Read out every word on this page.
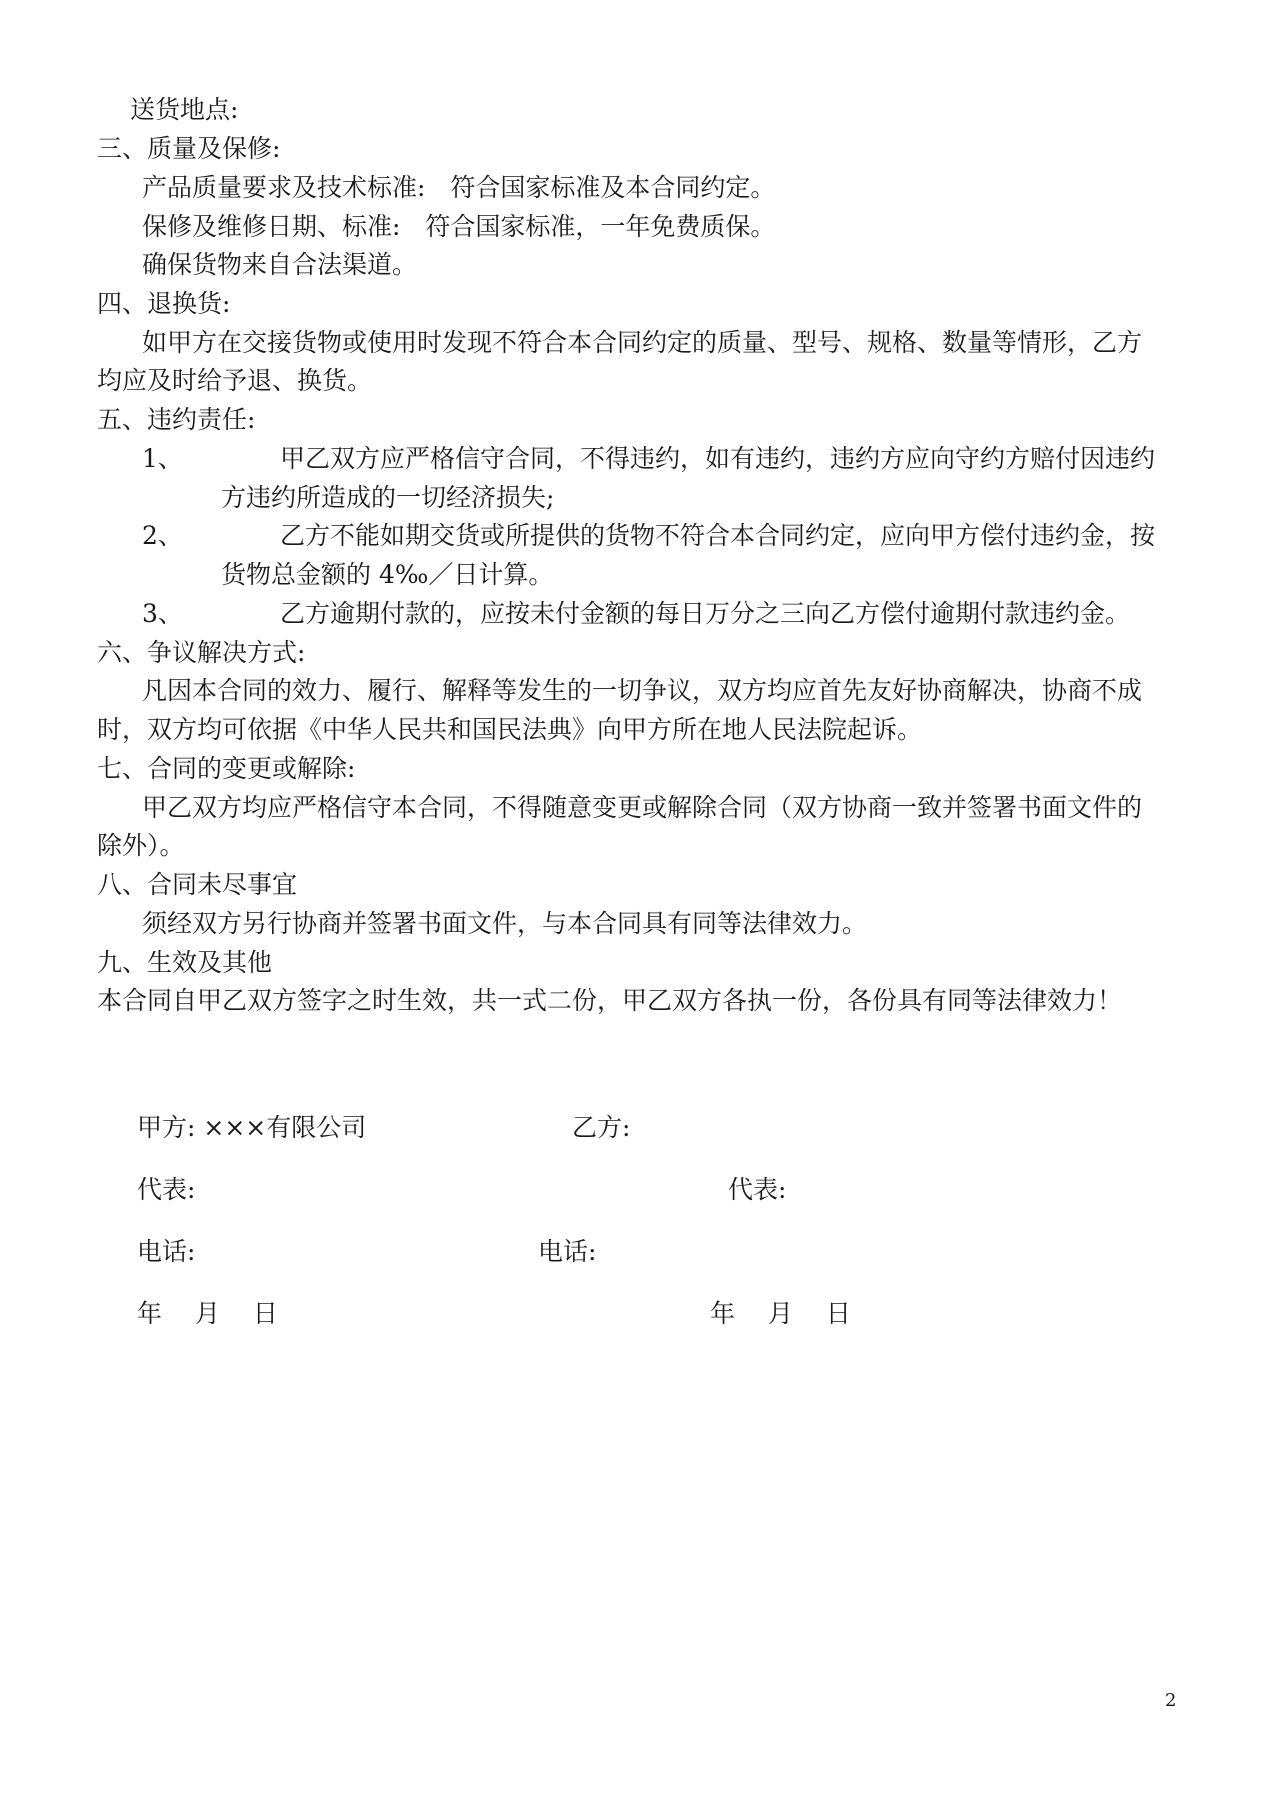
送货地点:
三、质量及保修:
产品质量要求及技术标准:　符合国家标准及本合同约定。
保修及维修日期、标准:　符合国家标准，一年免费质保。
确保货物来自合法渠道。
四、退换货:
如甲方在交接货物或使用时发现不符合本合同约定的质量、型号、规格、数量等情形，乙方
均应及时给予退、换货。
五、违约责任:
1、	甲乙双方应严格信守合同，不得违约，如有违约，违约方应向守约方赔付因违约
方违约所造成的一切经济损失;
2、	乙方不能如期交货或所提供的货物不符合本合同约定，应向甲方偿付违约金，按
货物总金额的 4‰／日计算。
3、	乙方逾期付款的，应按未付金额的每日万分之三向乙方偿付逾期付款违约金。
六、争议解决方式:
凡因本合同的效力、履行、解释等发生的一切争议，双方均应首先友好协商解决，协商不成
时，双方均可依据《中华人民共和国民法典》向甲方所在地人民法院起诉。
七、合同的变更或解除:
甲乙双方均应严格信守本合同，不得随意变更或解除合同（双方协商一致并签署书面文件的
除外）。
八、合同未尽事宜
须经双方另行协商并签署书面文件，与本合同具有同等法律效力。
九、生效及其他
本合同自甲乙双方签字之时生效，共一式二份，甲乙双方各执一份，各份具有同等法律效力！
甲方: ×××有限公司	乙方:
代表:	代表:
电话:	电话:
年　 月　 日	年　 月　 日
2
